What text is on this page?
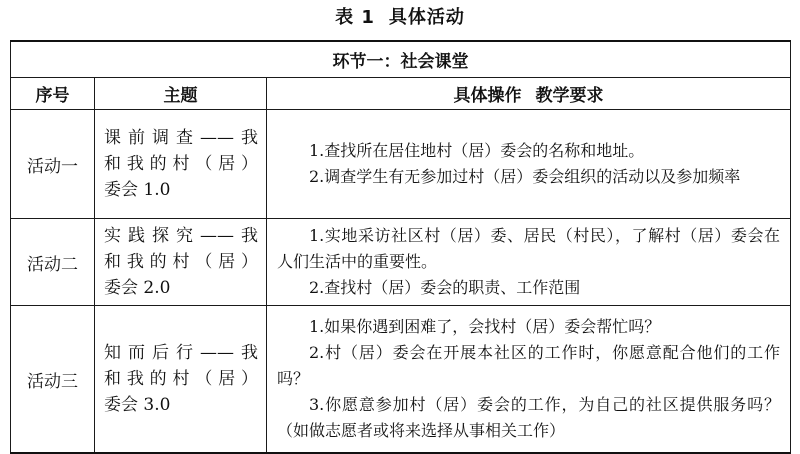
表 1 具体活动
环节一：社会课堂		
序号	主题	具体操作 教学要求
活动一	课前调查——我
和我的村（居）
委会 1.0	1.查找所在居住地村（居）委会的名称和地址。
2.调查学生有无参加过村（居）委会组织的活动以及参加频率

活动二	实践探究——我
和我的村（居）
委会 2.0	1.实地采访社区村（居）委、居民（村民），了解村（居）委会在人们生活中的重要性。
2.查找村（居）委会的职责、工作范围

活动三	知而后行——我
和我的村（居）
委会 3.0	1.如果你遇到困难了，会找村（居）委会帮忙吗？
2.村（居）委会在开展本社区的工作时，你愿意配合他们的工作吗？
3.你愿意参加村（居）委会的工作，为自己的社区提供服务吗？（如做志愿者或将来选择从事相关工作）
